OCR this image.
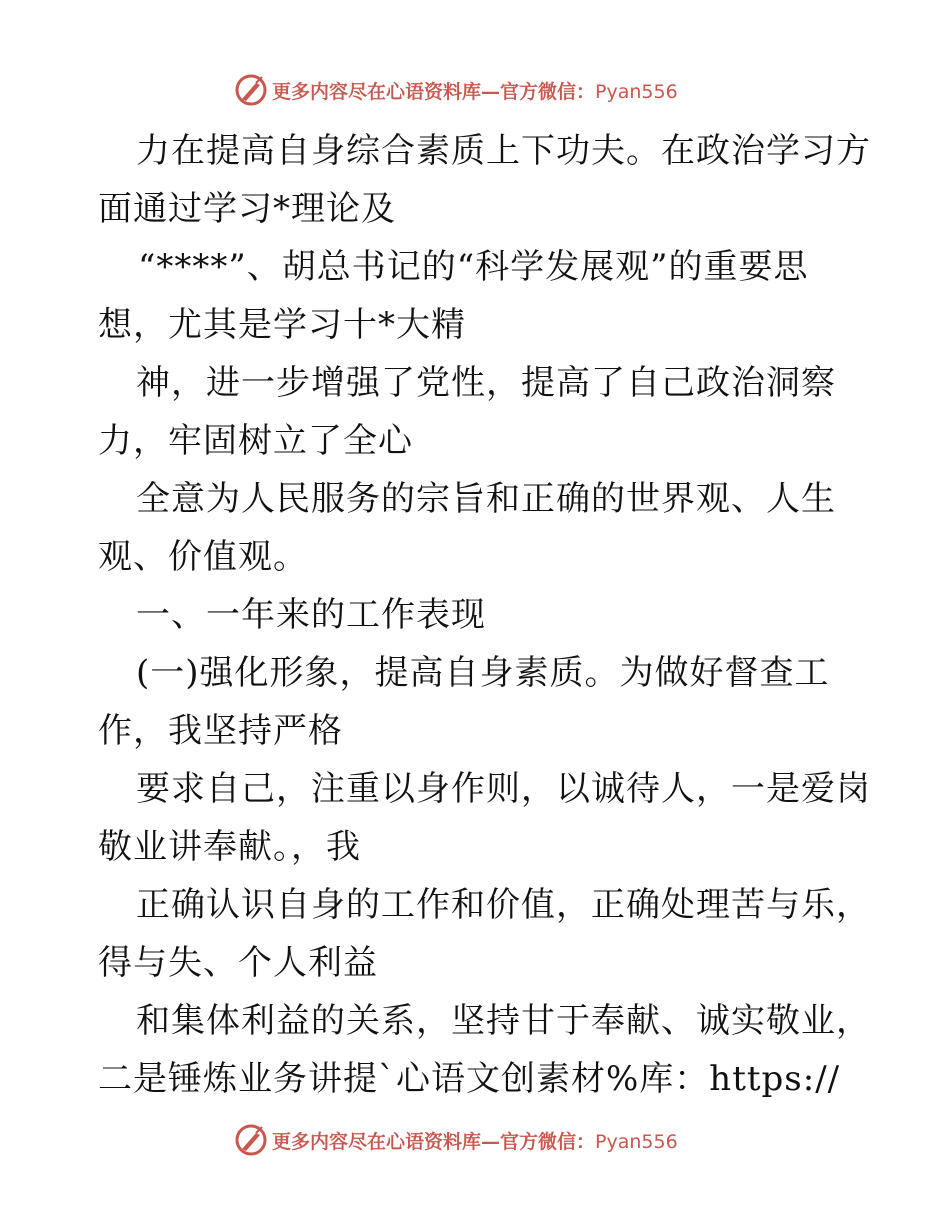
更多内容尽在心语资料库—官方微信：Pyan556
力在提高自身综合素质上下功夫。在政治学习方
面通过学习*理论及
“****”、胡总书记的“科学发展观”的重要思
想，尤其是学习十*大精
神，进一步增强了党性，提高了自己政治洞察
力，牢固树立了全心
全意为人民服务的宗旨和正确的世界观、人生
观、价值观。
一、一年来的工作表现
(一)强化形象，提高自身素质。为做好督查工
作，我坚持严格
要求自己，注重以身作则，以诚待人，一是爱岗
敬业讲奉献。，我
正确认识自身的工作和价值，正确处理苦与乐，
得与失、个人利益
和集体利益的关系，坚持甘于奉献、诚实敬业，
二是锤炼业务讲提`心语文创素材%库：https://
更多内容尽在心语资料库—官方微信：Pyan556
